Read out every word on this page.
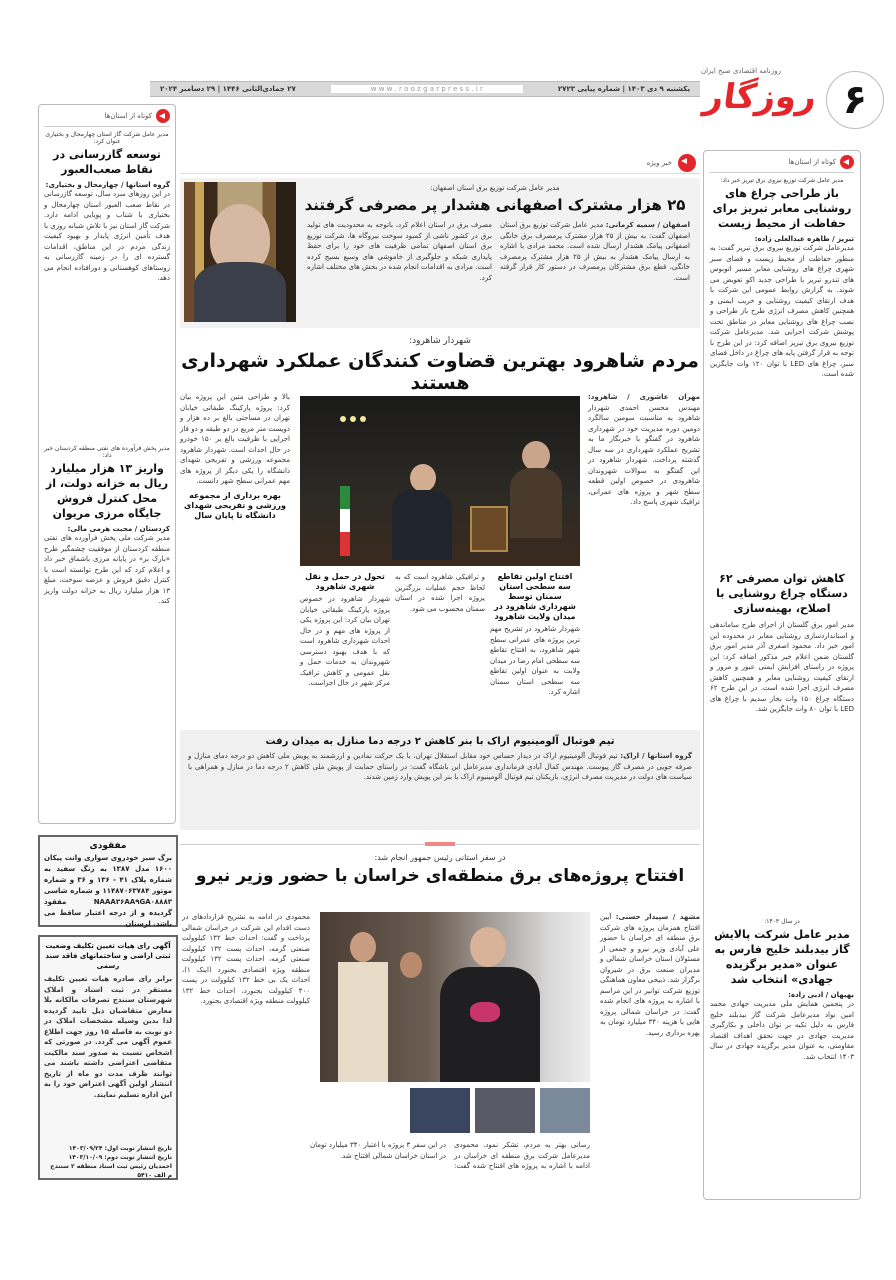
۶
روزنامه اقتصادی صبح ایران
روزگار
یکشنبه ۹ دی ۱۴۰۳ | شماره پیاپی ۲۷۲۳
w w w . r o o z g a r p r e s s . i r
۲۷ جمادی‌الثانی ۱۴۴۶ | ۲۹ دسامبر ۲۰۲۴
کوتاه از استان‌ها
مدیر عامل شرکت توزیع نیروی برق تبریز خبر داد:
باز طراحی چراغ های روشنایی معابر تبریز برای حفاظت از محیط زیست
تبریز / طاهره عبدالعلی زاده:
مدیرعامل شرکت توزیع نیروی برق تبریز گفت: به منظور حفاظت از محیط زیست و فضای سبز شهری چراغ های روشنایی معابر مسیر اتوبوس های تندرو تبریز با طراحی جدید اکو تعویض می شوند. به گزارش روابط عمومی این شرکت با هدف ارتقای کیفیت روشنایی و خریب ایمنی و همچنین کاهش مصرف انرژی طرح باز طراحی و نصب چراغ های روشنایی معابر در مناطق تحت پوشش شرکت اجرایی شد. مدیرعامل شرکت توزیع نیروی برق تبریز اضافه کرد: در این طرح با توجه به قرار گرفتن پایه های چراغ در داخل فضای سبز، چراغ های LED با توان ۱۲۰ وات جایگزین شده است.
کاهش توان مصرفی ۶۲ دستگاه چراغ روشنایی با اصلاح، بهینه‌سازی
مدیر امور برق گلستان از اجرای طرح ساماندهی و استانداردسازی روشنایی معابر در محدوده این امور خبر داد. محمود اصغری آذر مدیر امور برق گلستان ضمن اعلام خبر مذکور اضافه کرد: این پروژه در راستای افزایش ایمنی عبور و مرور و ارتقای کیفیت روشنایی معابر و همچنین کاهش مصرف انرژی اجرا شده است. در این طرح ۶۲ دستگاه چراغ ۱۵۰ وات بخار سدیم با چراغ های LED با توان ۸۰ وات جایگزین شد.
در سال ۱۴۰۳:
مدیر عامل شرکت پالایش گاز بیدبلند خلیج فارس به عنوان «مدیر برگزیده جهادی» انتخاب شد
بهبهان / ادبی زاده:
در پنجمین همایش ملی مدیریت جهادی محمد امین نواد مدیرعامل شرکت گاز بیدبلند خلیج فارس به دلیل تکیه بر توان داخلی و بکارگیری مدیریت جهادی در جهت تحقق اهداف اقتصاد مقاومتی، به عنوان مدیر برگزیده جهادی در سال ۱۴۰۳ انتخاب شد.
خبر ویژه
مدیر عامل شرکت توزیع برق استان اصفهان:
۲۵ هزار مشترک اصفهانی هشدار پر مصرفی گرفتند
اصفهان / سمیه کرمانی: مدیر عامل شرکت توزیع برق استان اصفهان گفت: به بیش از ۲۵ هزار مشترک پرمصرف برق خانگی اصفهانی پیامک هشدار ارسال شده است. محمد مرادی با اشاره به ارسال پیامک هشدار به بیش از ۲۵ هزار مشترک پرمصرف خانگی، قطع برق مشترکان پرمصرف در دستور کار قرار گرفته است.
مصرف برق در استان اعلام کرد، باتوجه به محدودیت های تولید برق در کشور ناشی از کمبود سوخت نیروگاه ها، شرکت توزیع برق استان اصفهان تمامی ظرفیت های خود را برای حفظ پایداری شبکه و جلوگیری از خاموشی های وسیع بسیج کرده است. مرادی به اقدامات انجام شده در بخش های مختلف اشاره کرد.
شهردار شاهرود:
مردم شاهرود بهترین قضاوت کنندگان عملکرد شهرداری هستند
مهران عاشوری / شاهرود: مهندس محسن احمدی شهردار شاهرود به مناسبت سومین سالگرد دومین دوره مدیریت خود در شهرداری شاهرود در گفتگو با خبرنگار ما به تشریح عملکرد شهرداری در سه سال گذشته پرداخت. شهردار شاهرود در این گفتگو به سوالات شهروندان شاهرودی در خصوص اولین قطعه سطح شهر و پروژه های عمرانی، ترافیک شهری پاسخ داد.
افتتاح اولین تقاطع سه سطحی استان سمنان توسط شهرداری شاهرود در میدان ولایت شاهرود
شهردار شاهرود در تشریح مهم ترین پروژه های عمرانی سطح شهر شاهرود، به افتتاح تقاطع سه سطحی امام رضا در میدان ولایت به عنوان اولین تقاطع سه سطحی استان سمنان اشاره کرد.
و ترافیکی شاهرود است که به لحاظ حجم عملیات بزرگترین پروژه اجرا شده در استان سمنان محسوب می شود.
تحول در حمل و نقل شهری شاهرود
شهردار شاهرود در خصوص پروژه پارکینگ طبقاتی خیابان تهران بیان کرد: این پروژه یکی از پروژه های مهم و در حال احداث شهرداری شاهرود است که با هدف بهبود دسترسی شهروندان به خدمات حمل و نقل عمومی و کاهش ترافیک مرکز شهر در حال اجراست.
بالا و طراحی متین این پروژه بیان کرد: پروژه پارکینگ طبقاتی خیابان تهران در مساحتی بالغ بر ده هزار و دویست متر مربع در دو طبقه و دو فاز اجرایی با ظرفیت بالغ بر ۱۵۰ خودرو در حال احداث است. شهردار شاهرود مجموعه ورزشی و تفریحی شهدای دانشگاه را یکی دیگر از پروژه های مهم عمرانی سطح شهر دانست.
بهره برداری از مجموعه ورزشی و تفریحی شهدای دانشگاه تا پایان سال
تیم فوتبال آلومینیوم اراک با بنر کاهش ۲ درجه دما منازل به میدان رفت
گروه استانها / اراک: تیم فوتبال آلومینیوم اراک در دیدار حساس خود مقابل استقلال تهران، با یک حرکت نمادین و ارزشمند به پویش ملی کاهش دو درجه دمای منازل و صرفه جویی در مصرف گاز پیوست. مهندس کمال آبادی فرمانداری مدیرعامل این باشگاه گفت: در راستای حمایت از پویش ملی کاهش ۲ درجه دما در منازل و همراهی با سیاست های دولت در مدیریت مصرف انرژی، بازیکنان تیم فوتبال آلومینیوم اراک با بنر این پویش وارد زمین شدند.
در سفر استانی رئیس جمهور انجام شد:
افتتاح پروژه‌های برق منطقه‌ای خراسان با حضور وزیر نیرو
مشهد / سپیدار حسنی: آیین افتتاح همزمان پروژه های شرکت برق منطقه ای خراسان با حضور علی آبادی وزیر نیرو و جمعی از مسئولان استان خراسان شمالی و مدیران صنعت برق در شیروان برگزار شد. ذبیحی معاون هماهنگی توزیع شرکت توانیر در این مراسم با اشاره به پروژه های انجام شده گفت: در خراسان شمالی پروژه هایی با هزینه ۳۴۰ میلیارد تومان به بهره برداری رسید.
محمودی در ادامه به تشریح قراردادهای در دست اقدام این شرکت در خراسان شمالی پرداخت و گفت: احداث خط ۱۳۲ کیلوولت صنعتی گرمه، احداث پست ۱۳۲ کیلوولت صنعتی گرمه، احداث پست ۱۳۲ کیلوولت منطقه ویژه اقتصادی بجنورد (اینک ۱)، احداث یک بی خط ۱۳۲ کیلوولت در پست ۴۰۰ کیلوولت بجنورد، احداث خط ۱۳۲ کیلوولت منطقه ویژه اقتصادی بجنورد.
رسانی بهتر به مردم، تشکر نمود. محمودی مدیرعامل شرکت برق منطقه ای خراسان در ادامه با اشاره به پروژه های افتتاح شده گفت: در این سفر ۳ پروژه با اعتبار ۳۴۰ میلیارد تومان در استان خراسان شمالی افتتاح شد.
کوتاه از استان‌ها
مدیر عامل شرکت گاز استان چهارمحال و بختیاری عنوان کرد:
توسعه گازرسانی در نقاط صعب‌العبور
گروه استانها / چهارمحال و بختیاری:
در این روزهای سرد سال، توسعه گازرسانی در نقاط صعب العبور استان چهارمحال و بختیاری با شتاب و پویایی ادامه دارد. شرکت گاز استان نیز با تلاش شبانه روزی با هدف تأمین انرژی پایدار و بهبود کیفیت زندگی مردم در این مناطق، اقدامات گسترده ای را در زمینه گازرسانی به روستاهای کوهستانی و دورافتاده انجام می دهد.
مدیر پخش فرآورده های نفتی منطقه کردستان خبر داد:
واریز ۱۳ هزار میلیارد ریال به خزانه دولت، از محل کنترل فروش جایگاه مرزی مریوان
کردستان / محبت هرمی مالی:
مدیر شرکت ملی پخش فرآورده های نفتی منطقه کردستان از موفقیت چشمگیر طرح «بارک بر» در پایانه مرزی باشماق خبر داد و اعلام کرد که این طرح توانسته است با کنترل دقیق فروش و عرضه سوخت، مبلغ ۱۳ هزار میلیارد ریال به خزانه دولت واریز کند.
مفقودی
برگ سبز خودروی سواری وانت پیکان ۱۶۰۰ مدل ۱۳۸۷ به رنگ سفید به شماره پلاک ۴۱ - ۱۳۶ و ۳۶ و شماره موتور ۱۱۴۸۷۰۶۳۷۸۴ و شماره شاسی NAAA۳۶AA۹GA۰۸۸۸۳ مفقود گردیده و از درجه اعتبار ساقط می باشد. لرستان
آگهی رای هیات تعیین تکلیف وضعیت ثبتی اراضی و ساختمانهای فاقد سند رسمی
برابر رای صادره هیات تعیین تکلیف مستقر در ثبت اسناد و املاک شهرستان سنندج تصرفات مالکانه بلا معارض متقاضیان ذیل تایید گردیده لذا بدین وسیله مشخصات املاک در دو نوبت به فاصله ۱۵ روز جهت اطلاع عموم آگهی می گردد. در صورتی که اشخاص نسبت به صدور سند مالکیت متقاضی اعتراضی داشته باشند می توانند ظرف مدت دو ماه از تاریخ انتشار اولین آگهی اعتراض خود را به این اداره تسلیم نمایند.
تاریخ انتشار نوبت اول: ۱۴۰۳/۰۹/۲۴
تاریخ انتشار نوبت دوم: ۱۴۰۳/۱۰/۰۹
احمدیان رئیس ثبت اسناد منطقه ۲ سنندج م الف ۵۴۱۰
